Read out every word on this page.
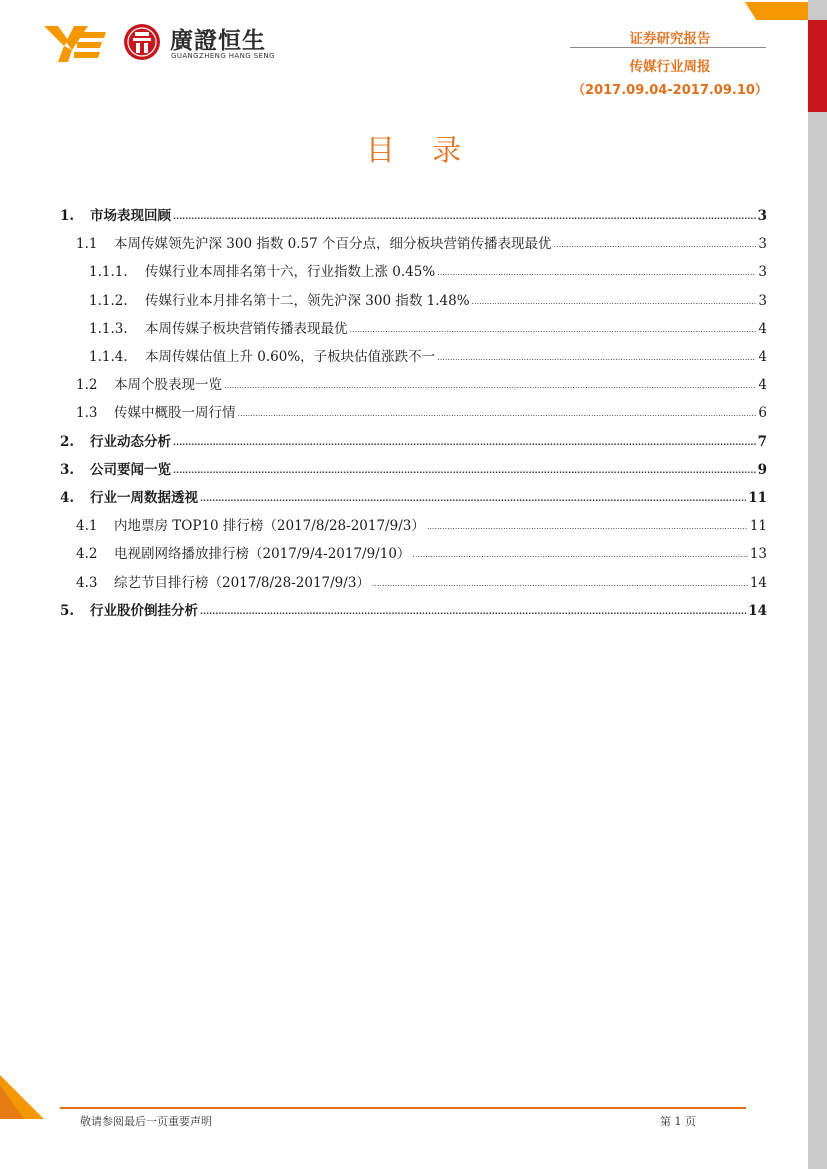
廣證恒生
GUANGZHENG HANG SENG
证券研究报告
传媒行业周报
（2017.09.04-2017.09.10）
目 录
1.	市场表现回顾 .....	3
1.1	本周传媒领先沪深 300 指数 0.57 个百分点，细分板块营销传播表现最优 .....	3
1.1.1.	传媒行业本周排名第十六，行业指数上涨 0.45% .....	3
1.1.2.	传媒行业本月排名第十二，领先沪深 300 指数 1.48% .....	3
1.1.3.	本周传媒子板块营销传播表现最优 .....	4
1.1.4.	本周传媒估值上升 0.60%，子板块估值涨跌不一 .....	4
1.2	本周个股表现一览 .....	4
1.3	传媒中概股一周行情 .....	6
2.	行业动态分析 .....	7
3.	公司要闻一览 .....	9
4.	行业一周数据透视 .....	11
4.1	内地票房 TOP10 排行榜（2017/8/28-2017/9/3） .....	11
4.2	电视剧网络播放排行榜（2017/9/4-2017/9/10） .....	13
4.3	综艺节目排行榜（2017/8/28-2017/9/3） .....	14
5.	行业股价倒挂分析 .....	14
敬请参阅最后一页重要声明	第 1 页
